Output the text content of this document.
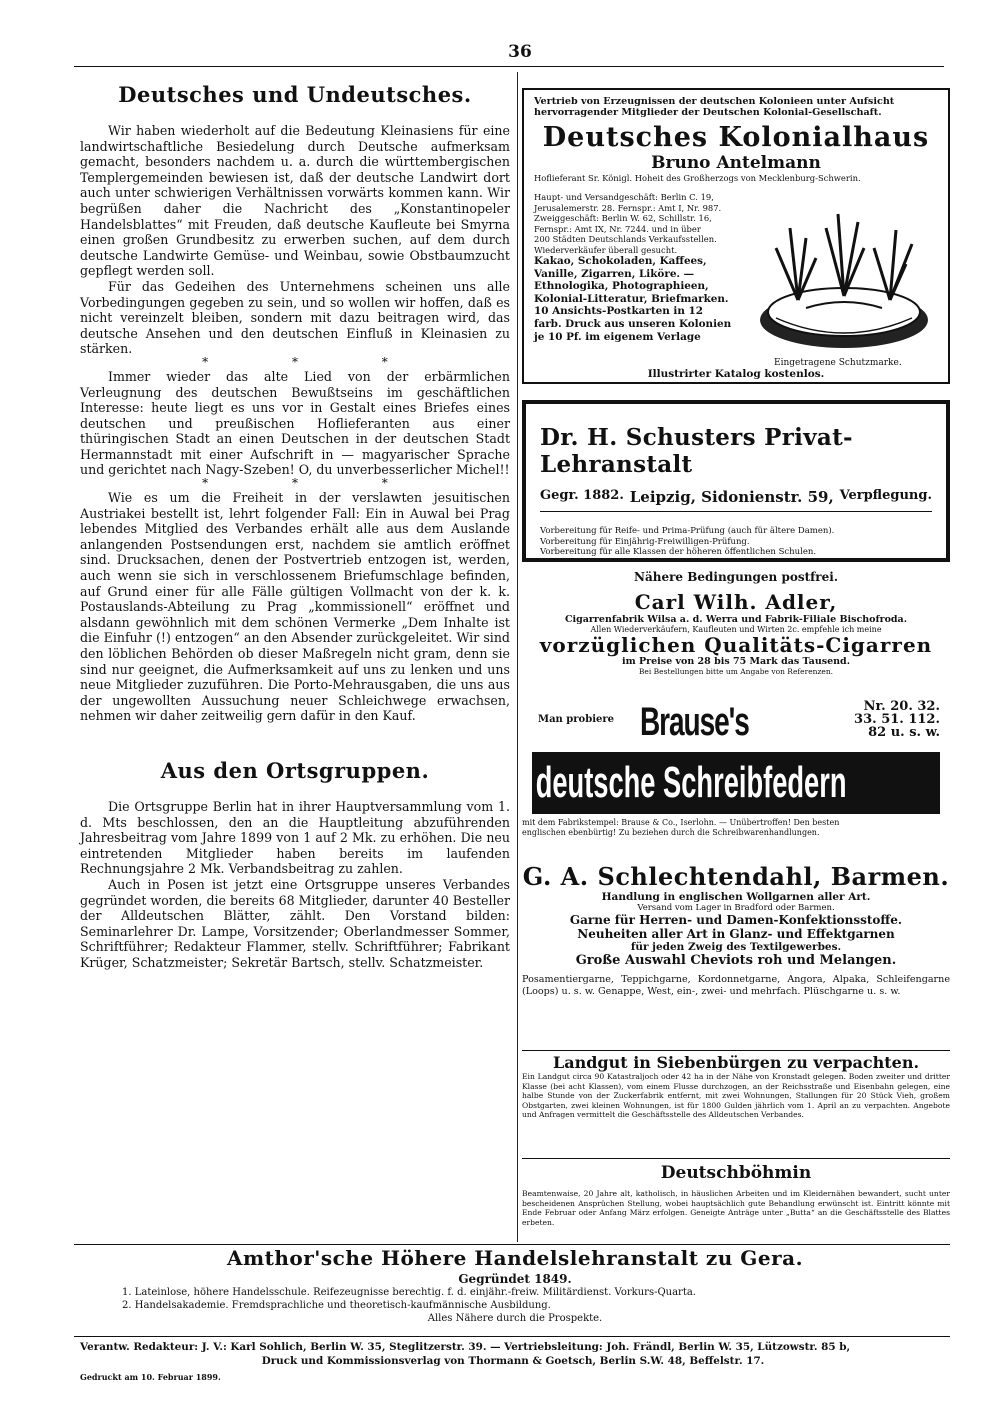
36
Deutsches und Undeutsches.

Wir haben wiederholt auf die Bedeutung Kleinasiens für eine landwirtschaftliche Besiedelung durch Deutsche aufmerksam gemacht, besonders nachdem u. a. durch die württembergischen Templergemeinden bewiesen ist, daß der deutsche Landwirt dort auch unter schwierigen Verhältnissen vorwärts kommen kann. Wir begrüßen daher die Nachricht des „Konstantinopeler Handelsblattes“ mit Freuden, daß deutsche Kaufleute bei Smyrna einen großen Grundbesitz zu erwerben suchen, auf dem durch deutsche Landwirte Gemüse- und Weinbau, sowie Obstbaumzucht gepflegt werden soll.

Für das Gedeihen des Unternehmens scheinen uns alle Vorbedingungen gegeben zu sein, und so wollen wir hoffen, daß es nicht vereinzelt bleiben, sondern mit dazu beitragen wird, das deutsche Ansehen und den deutschen Einfluß in Kleinasien zu stärken.

* * *

Immer wieder das alte Lied von der erbärmlichen Verleugnung des deutschen Bewußtseins im geschäftlichen Interesse: heute liegt es uns vor in Gestalt eines Briefes eines deutschen und preußischen Hoflieferanten aus einer thüringischen Stadt an einen Deutschen in der deutschen Stadt Hermannstadt mit einer Aufschrift in — magyarischer Sprache und gerichtet nach Nagy-Szeben! O, du unverbesserlicher Michel!!

* * *

Wie es um die Freiheit in der verslawten jesuitischen Austriakei bestellt ist, lehrt folgender Fall: Ein in Auwal bei Prag lebendes Mitglied des Verbandes erhält alle aus dem Auslande anlangenden Postsendungen erst, nachdem sie amtlich eröffnet sind. Drucksachen, denen der Postvertrieb entzogen ist, werden, auch wenn sie sich in verschlossenem Briefumschlage befinden, auf Grund einer für alle Fälle gültigen Vollmacht von der k. k. Postauslands-Abteilung zu Prag „kommissionell“ eröffnet und alsdann gewöhnlich mit dem schönen Vermerke „Dem Inhalte ist die Einfuhr (!) entzogen“ an den Absender zurückgeleitet. Wir sind den löblichen Behörden ob dieser Maßregeln nicht gram, denn sie sind nur geeignet, die Aufmerksamkeit auf uns zu lenken und uns neue Mitglieder zuzuführen. Die Porto-Mehrausgaben, die uns aus der ungewollten Aussuchung neuer Schleichwege erwachsen, nehmen wir daher zeitweilig gern dafür in den Kauf.

Aus den Ortsgruppen.

Die Ortsgruppe Berlin hat in ihrer Hauptversammlung vom 1. d. Mts beschlossen, den an die Hauptleitung abzuführenden Jahresbeitrag vom Jahre 1899 von 1 auf 2 Mk. zu erhöhen. Die neu eintretenden Mitglieder haben bereits im laufenden Rechnungsjahre 2 Mk. Verbandsbeitrag zu zahlen.

Auch in Posen ist jetzt eine Ortsgruppe unseres Verbandes gegründet worden, die bereits 68 Mitglieder, darunter 40 Besteller der Alldeutschen Blätter, zählt. Den Vorstand bilden: Seminarlehrer Dr. Lampe, Vorsitzender; Oberlandmesser Sommer, Schriftführer; Redakteur Flammer, stellv. Schriftführer; Fabrikant Krüger, Schatzmeister; Sekretär Bartsch, stellv. Schatzmeister.

Vertrieb von Erzeugnissen der deutschen Kolonieen unter Aufsicht hervorragender Mitglieder der Deutschen Kolonial-Gesellschaft.
Deutsches Kolonialhaus
Bruno Antelmann
Hoflieferant Sr. Königl. Hoheit des Großherzogs von Mecklenburg-Schwerin.
Haupt- und Versandgeschäft: Berlin C. 19,
Jerusalemerstr. 28. Fernspr.: Amt I, Nr. 987.
Zweiggeschäft: Berlin W. 62, Schillstr. 16,
Fernspr.: Amt IX, Nr. 7244. und in über
200 Städten Deutschlands Verkaufsstellen.
Wiederverkäufer überall gesucht.
Kakao, Schokoladen, Kaffees, Vanille, Zigarren, Liköre. — Ethnologika, Photographieen, Kolonial-Litteratur, Briefmarken. 10 Ansichts-Postkarten in 12 farb. Druck aus unseren Kolonien je 10 Pf. im eigenem Verlage
Eingetragene Schutzmarke.
Illustrirter Katalog kostenlos.
Dr. H. Schusters Privat-Lehranstalt
Gegr. 1882. Leipzig, Sidonienstr. 59, Verpflegung.
Vorbereitung für Reife- und Prima-Prüfung (auch für ältere Damen).
Vorbereitung für Einjährig-Freiwilligen-Prüfung.
Vorbereitung für alle Klassen der höheren öffentlichen Schulen.
Nähere Bedingungen postfrei.
Carl Wilh. Adler,
Cigarrenfabrik Wilsa a. d. Werra und Fabrik-Filiale Bischofroda.
Allen Wiederverkäufern, Kaufleuten und Wirten 2c. empfehle ich meine
vorzüglichen Qualitäts-Cigarren
im Preise von 28 bis 75 Mark das Tausend.
Bei Bestellungen bitte um Angabe von Referenzen.
Man probiere Brause's	Nr. 20. 32.
33. 51. 112.
82 u. s. w.
deutsche Schreibfedern
mit dem Fabrikstempel: Brause & Co., Iserlohn. — Unübertroffen! Den besten
englischen ebenbürtig! Zu beziehen durch die Schreibwarenhandlungen.
G. A. Schlechtendahl, Barmen.
Handlung in englischen Wollgarnen aller Art.
Versand vom Lager in Bradford oder Barmen.
Garne für Herren- und Damen-Konfektionsstoffe.
Neuheiten aller Art in Glanz- und Effektgarnen
für jeden Zweig des Textilgewerbes.
Große Auswahl Cheviots roh und Melangen.
Posamentiergarne, Teppichgarne, Kordonnetgarne, Angora, Alpaka, Schleifengarne (Loops) u. s. w. Genappe, West, ein-, zwei- und mehrfach. Plüschgarne u. s. w.
Landgut in Siebenbürgen zu verpachten.
Ein Landgut circa 90 Katastraljoch oder 42 ha in der Nähe von Kronstadt gelegen. Boden zweiter und dritter Klasse (bei acht Klassen), vom einem Flusse durchzogen, an der Reichsstraße und Eisenbahn gelegen, eine halbe Stunde von der Zuckerfabrik entfernt, mit zwei Wohnungen, Stallungen für 20 Stück Vieh, großem Obstgarten, zwei kleinen Wohnungen, ist für 1800 Gulden jährlich vom 1. April an zu verpachten. Angebote und Anfragen vermittelt die Geschäftsstelle des Alldeutschen Verbandes.
Deutschböhmin
Beamtenwaise, 20 Jahre alt, katholisch, in häuslichen Arbeiten und im Kleidernähen bewandert, sucht unter bescheidenen Ansprüchen Stellung, wobei hauptsächlich gute Behandlung erwünscht ist. Eintritt könnte mit Ende Februar oder Anfang März erfolgen. Geneigte Anträge unter „Butta“ an die Geschäftsstelle des Blattes erbeten.
Amthor'sche Höhere Handelslehranstalt zu Gera.
Gegründet 1849.
1. Lateinlose, höhere Handelsschule. Reifezeugnisse berechtig. f. d. einjähr.-freiw. Militärdienst. Vorkurs-Quarta.
2. Handelsakademie. Fremdsprachliche und theoretisch-kaufmännische Ausbildung.
Alles Nähere durch die Prospekte.
Verantw. Redakteur: J. V.: Karl Sohlich, Berlin W. 35, Steglitzerstr. 39. — Vertriebsleitung: Joh. Frändl, Berlin W. 35, Lützowstr. 85 b,
Druck und Kommissionsverlag von Thormann & Goetsch, Berlin S.W. 48, Beffelstr. 17.
Gedruckt am 10. Februar 1899.
